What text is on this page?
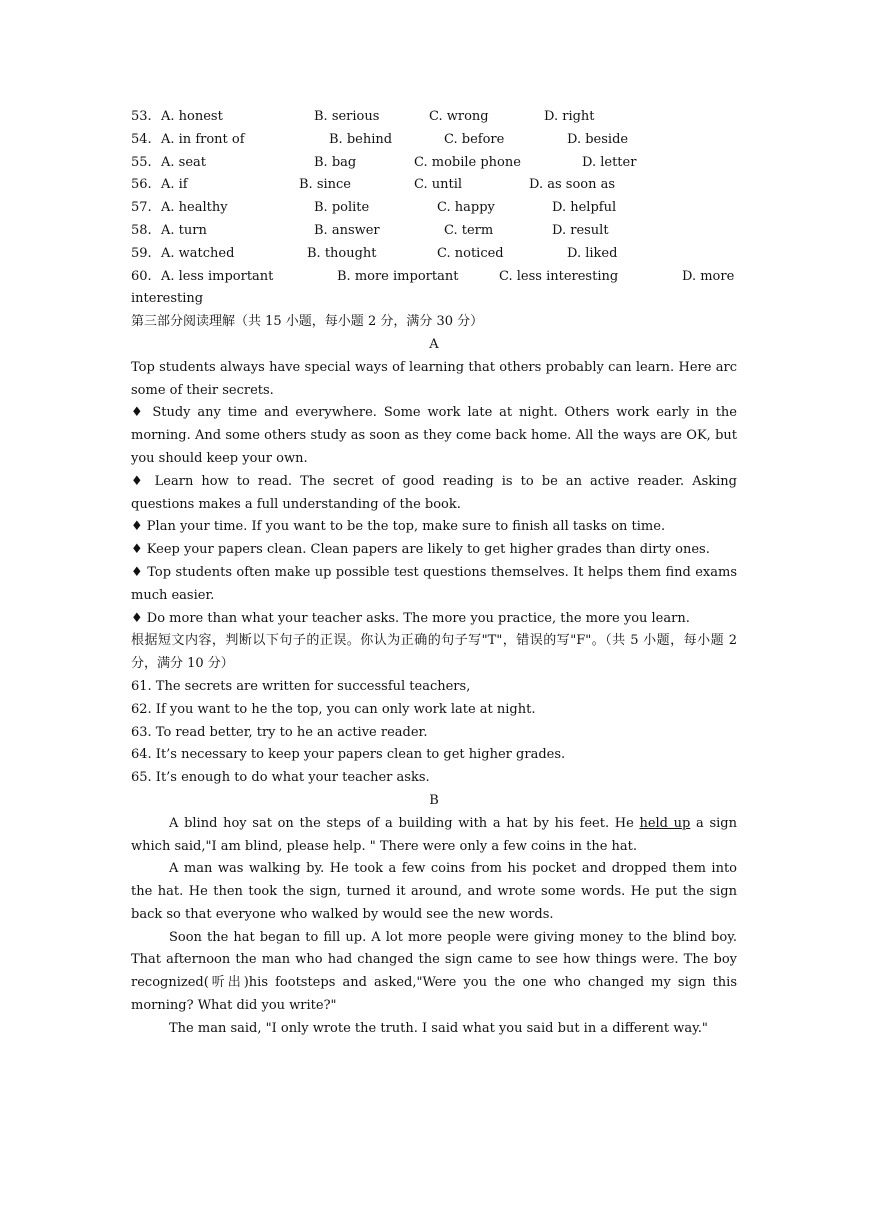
53. A. honest	B. serious	C. wrong	D. right
54. A. in front of	B. behind	C. before	D. beside
55. A. seat	B. bag	C. mobile phone	D. letter
56. A. if	B. since	C. until	D. as soon as
57. A. healthy	B. polite	C. happy	D. helpful
58. A. turn	B. answer	C. term	D. result
59. A. watched	B. thought	C. noticed	D. liked
60. A. less important	B. more important	C. less interesting	D. more
interesting
第三部分阅读理解（共 15 小题，每小题 2 分，满分 30 分）
A
Top students always have special ways of learning that others probably can learn. Here arc some of their secrets.
♦ Study any time and everywhere. Some work late at night. Others work early in the morning. And some others study as soon as they come back home. All the ways are OK, but you should keep your own.
♦ Learn how to read. The secret of good reading is to be an active reader. Asking questions makes a full understanding of the book.
♦ Plan your time. If you want to be the top, make sure to finish all tasks on time.
♦ Keep your papers clean. Clean papers are likely to get higher grades than dirty ones.
♦ Top students often make up possible test questions themselves. It helps them find exams much easier.
♦ Do more than what your teacher asks. The more you practice, the more you learn.
根据短文内容，判断以下句子的正误。你认为正确的句子写"T"，错误的写"F"。（共 5 小题，每小题 2 分，满分 10 分）
61. The secrets are written for successful teachers,
62. If you want to he the top, you can only work late at night.
63. To read better, try to he an active reader.
64. It’s necessary to keep your papers clean to get higher grades.
65. It’s enough to do what your teacher asks.
B
A blind hoy sat on the steps of a building with a hat by his feet. He held up a sign which said,"I am blind, please help. " There were only a few coins in the hat.
A man was walking by. He took a few coins from his pocket and dropped them into the hat. He then took the sign, turned it around, and wrote some words. He put the sign back so that everyone who walked by would see the new words.
Soon the hat began to fill up. A lot more people were giving money to the blind boy. That afternoon the man who had changed the sign came to see how things were. The boy recognized(听出)his footsteps and asked,"Were you the one who changed my sign this morning? What did you write?"
The man said, "I only wrote the truth. I said what you said but in a different way."
